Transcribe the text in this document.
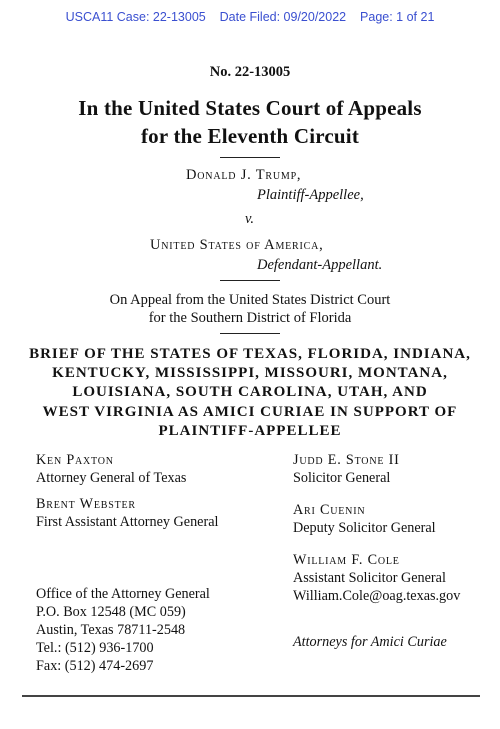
USCA11 Case: 22-13005 Date Filed: 09/20/2022 Page: 1 of 21
No. 22-13005
In the United States Court of Appeals
for the Eleventh Circuit
Donald J. Trump,
Plaintiff-Appellee,
v.
United States of America,
Defendant-Appellant.
On Appeal from the United States District Court
for the Southern District of Florida
BRIEF OF THE STATES OF TEXAS, FLORIDA, INDIANA,
KENTUCKY, MISSISSIPPI, MISSOURI, MONTANA,
LOUISIANA, SOUTH CAROLINA, UTAH, AND
WEST VIRGINIA AS AMICI CURIAE IN SUPPORT OF
PLAINTIFF-APPELLEE
Ken Paxton
Attorney General of Texas
Brent Webster
First Assistant Attorney General
Office of the Attorney General
P.O. Box 12548 (MC 059)
Austin, Texas 78711-2548
Tel.: (512) 936-1700
Fax: (512) 474-2697
Judd E. Stone II
Solicitor General
Ari Cuenin
Deputy Solicitor General
William F. Cole
Assistant Solicitor General
William.Cole@oag.texas.gov
Attorneys for Amici Curiae
